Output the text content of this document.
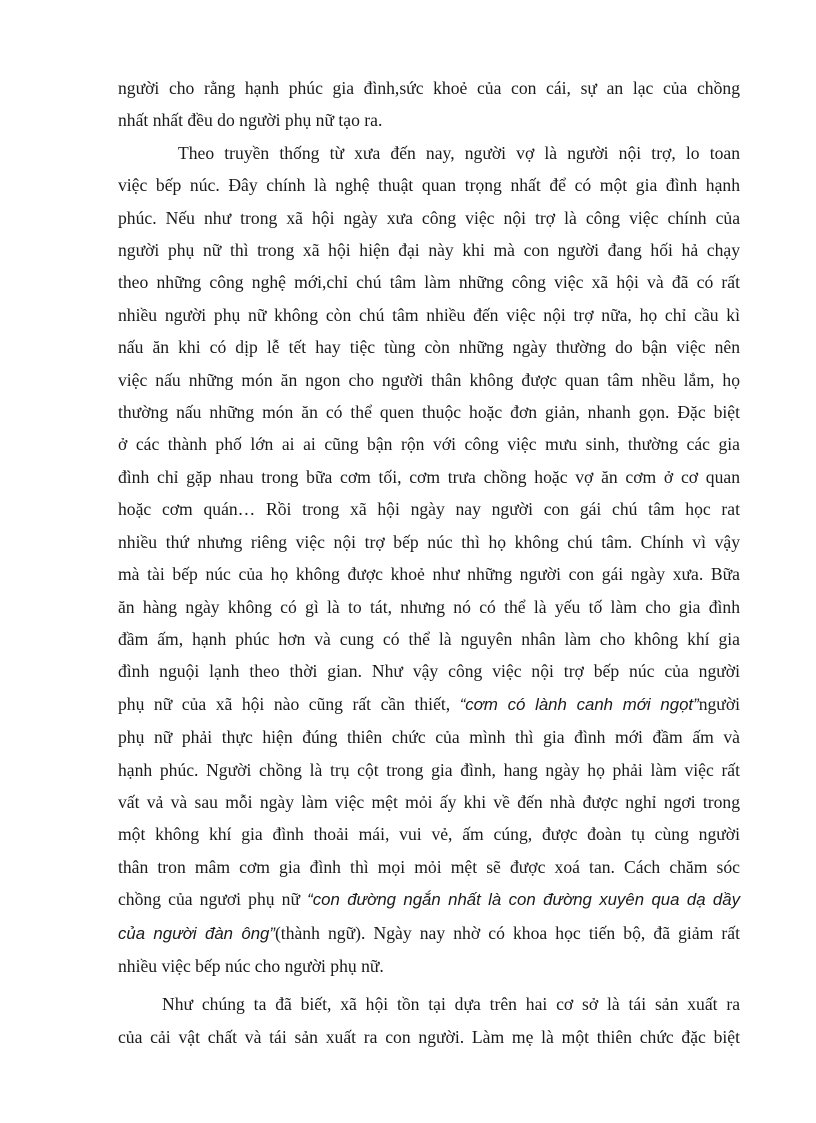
người cho rằng hạnh phúc gia đình,sức khoẻ của con cái, sự an lạc của chồng
nhất nhất đều do người phụ nữ tạo ra.

Theo truyền thống từ xưa đến nay, người vợ là người nội trợ, lo toan
việc bếp núc. Đây chính là nghệ thuật quan trọng nhất để có một gia đình hạnh
phúc. Nếu như trong xã hội ngày xưa công việc nội trợ là công việc chính của
người phụ nữ thì trong xã hội hiện đại này khi mà con người đang hối hả chạy
theo những công nghệ mới,chỉ chú tâm làm những công việc xã hội và đã có rất
nhiều người phụ nữ không còn chú tâm nhiều đến việc nội trợ nữa, họ chỉ cầu kì
nấu ăn khi có dịp lễ tết hay tiệc tùng còn những ngày thường do bận việc nên
việc nấu những món ăn ngon cho người thân không được quan tâm nhều lắm, họ
thường nấu những món ăn có thể quen thuộc hoặc đơn giản, nhanh gọn. Đặc biệt
ở các thành phố lớn ai ai cũng bận rộn với công việc mưu sinh, thường các gia
đình chỉ gặp nhau trong bữa cơm tối, cơm trưa chồng hoặc vợ ăn cơm ở cơ quan
hoặc cơm quán… Rồi trong xã hội ngày nay người con gái chú tâm học rat
nhiều thứ nhưng riêng việc nội trợ bếp núc thì họ không chú tâm. Chính vì vậy
mà tài bếp núc của họ không được khoẻ như những người con gái ngày xưa. Bữa
ăn hàng ngày không có gì là to tát, nhưng nó có thể là yếu tố làm cho gia đình
đầm ấm, hạnh phúc hơn và cung có thể là nguyên nhân làm cho không khí gia
đình nguội lạnh theo thời gian. Như vậy công việc nội trợ bếp núc của người
phụ nữ của xã hội nào cũng rất cần thiết, “cơm có lành canh mới ngọt”người
phụ nữ phải thực hiện đúng thiên chức của mình thì gia đình mới đầm ấm và
hạnh phúc. Người chồng là trụ cột trong gia đình, hang ngày họ phải làm việc rất
vất vả và sau mỗi ngày làm việc mệt mỏi ấy khi về đến nhà được nghỉ ngơi trong
một không khí gia đình thoải mái, vui vẻ, ấm cúng, được đoàn tụ cùng người
thân tron mâm cơm gia đình thì mọi mỏi mệt sẽ được xoá tan. Cách chăm sóc
chồng của ngươi phụ nữ “con đường ngắn nhất là con đường xuyên qua dạ dầy
của người đàn ông”(thành ngữ). Ngày nay nhờ có khoa học tiến bộ, đã giảm rất
nhiều việc bếp núc cho người phụ nữ.

Như chúng ta đã biết, xã hội tồn tại dựa trên hai cơ sở là tái sản xuất ra
của cải vật chất và tái sản xuất ra con người. Làm mẹ là một thiên chức đặc biệt
